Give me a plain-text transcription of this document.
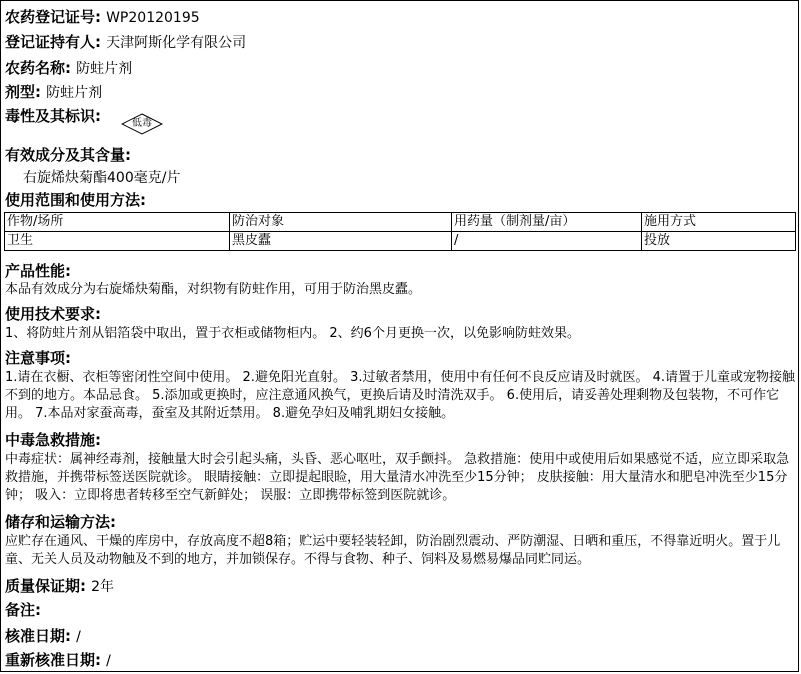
农药登记证号: WP20120195
登记证持有人: 天津阿斯化学有限公司
农药名称: 防蛀片剂
剂型: 防蛀片剂
毒性及其标识:	低毒
有效成分及其含量:
右旋烯炔菊酯400毫克/片
使用范围和使用方法:
作物/场所	防治对象	用药量（制剂量/亩）	施用方式
卫生	黑皮蠹	/	投放
产品性能:
本品有效成分为右旋烯炔菊酯，对织物有防蛀作用，可用于防治黑皮蠹。
使用技术要求:
1、将防蛀片剂从铝箔袋中取出，置于衣柜或储物柜内。 2、约6个月更换一次，以免影响防蛀效果。
注意事项:
1.请在衣橱、衣柜等密闭性空间中使用。 2.避免阳光直射。 3.过敏者禁用，使用中有任何不良反应请及时就医。 4.请置于儿童或宠物接触不到的地方。本品忌食。 5.添加或更换时，应注意通风换气，更换后请及时清洗双手。 6.使用后，请妥善处理剩物及包装物，不可作它用。 7.本品对家蚕高毒，蚕室及其附近禁用。 8.避免孕妇及哺乳期妇女接触。
中毒急救措施:
中毒症状：属神经毒剂，接触量大时会引起头痛，头昏、恶心呕吐，双手颤抖。 急救措施：使用中或使用后如果感觉不适，应立即采取急救措施，并携带标签送医院就诊。 眼睛接触：立即提起眼睑，用大量清水冲洗至少15分钟； 皮肤接触：用大量清水和肥皂冲洗至少15分钟； 吸入：立即将患者转移至空气新鲜处； 误服：立即携带标签到医院就诊。
储存和运输方法:
应贮存在通风、干燥的库房中，存放高度不超8箱；贮运中要轻装轻卸，防治剧烈震动、严防潮湿、日晒和重压，不得靠近明火。置于儿童、无关人员及动物触及不到的地方，并加锁保存。不得与食物、种子、饲料及易燃易爆品同贮同运。
质量保证期: 2年
备注:
核准日期: /
重新核准日期: /
